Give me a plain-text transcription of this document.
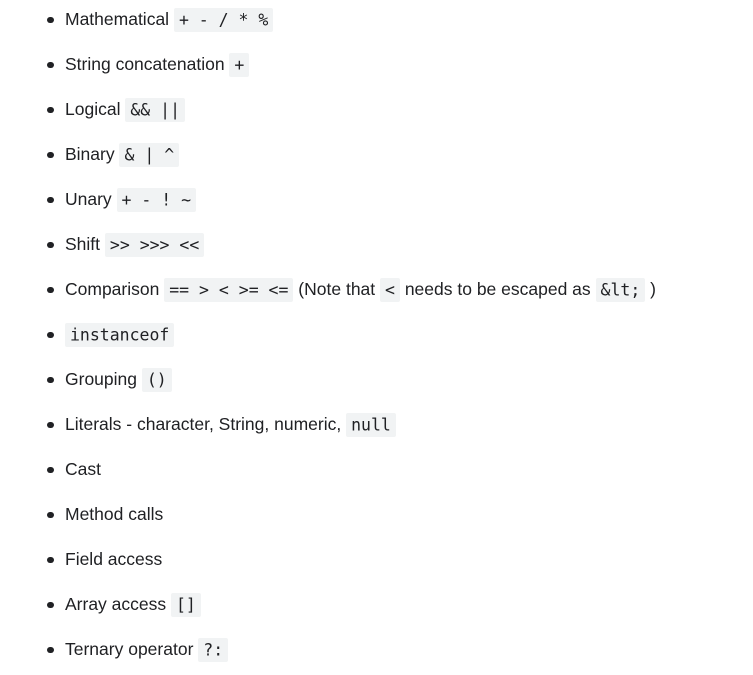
Mathematical + - / * %
String concatenation +
Logical && ||
Binary & | ^
Unary + - ! ~
Shift >> >>> <<
Comparison == > < >= <= (Note that < needs to be escaped as &lt; )
instanceof
Grouping ()
Literals - character, String, numeric, null
Cast
Method calls
Field access
Array access []
Ternary operator ?:
